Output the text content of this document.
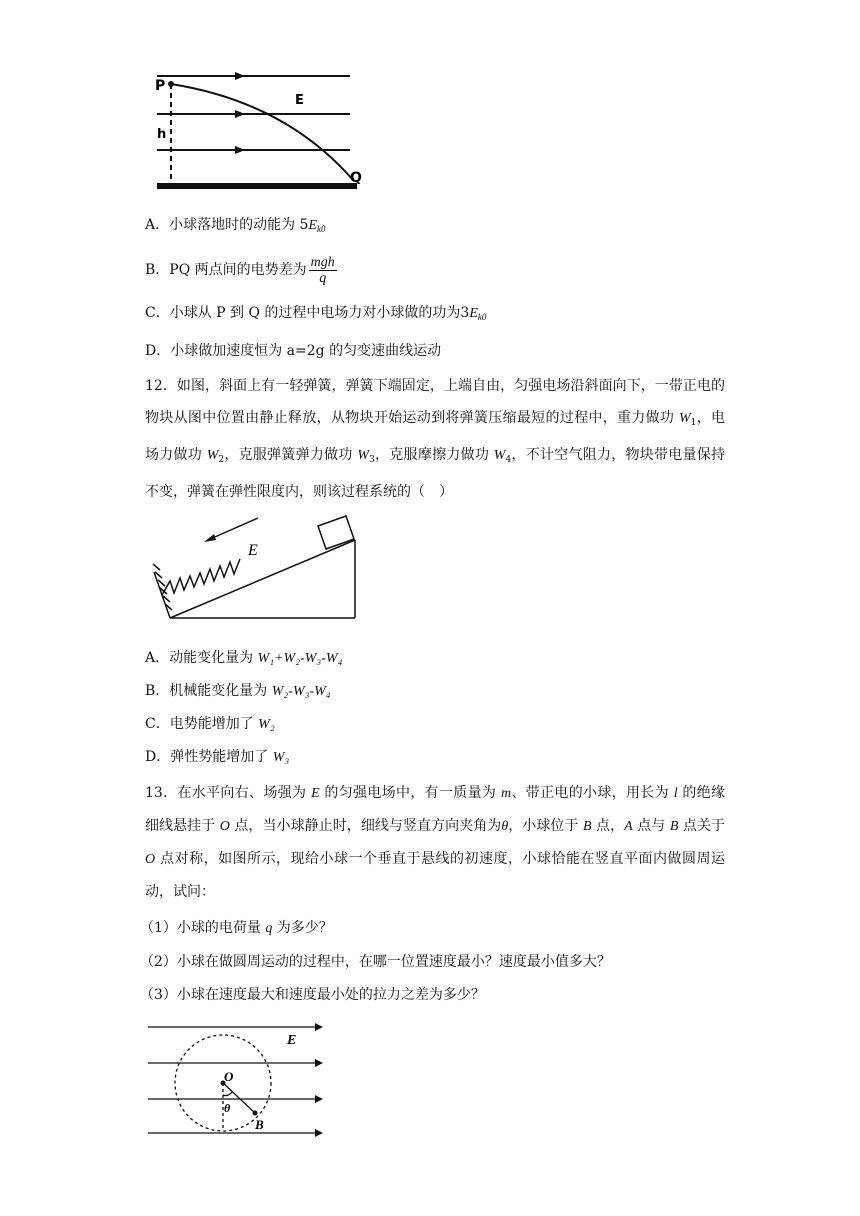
P
E
h
Q
A．小球落地时的动能为 $5E_{k0}$
B．PQ 两点间的电势差为 $\frac{\text{mgh}}{q}$
C．小球从 P 到 Q 的过程中电场力对小球做的功为$3E_{k0}$
D．小球做加速度恒为 a=2g 的匀变速曲线运动
12．如图，斜面上有一轻弹簧，弹簧下端固定，上端自由，匀强电场沿斜面向下，一带正电的物块从图中位置由静止释放，从物块开始运动到将弹簧压缩最短的过程中，重力做功 $W_1$，电场力做功 $W_2$，克服弹簧弹力做功 $W_3$，克服摩擦力做功 $W_4$，不计空气阻力，物块带电量保持不变，弹簧在弹性限度内，则该过程系统的（　）
E
A．动能变化量为 W₁+W₂-W₃-W₄
B．机械能变化量为 W₂-W₃-W₄
C．电势能增加了 W₂
D．弹性势能增加了 W₃
13．在水平向右、场强为 E 的匀强电场中，有一质量为 m、带正电的小球，用长为 l 的绝缘细线悬挂于 O 点，当小球静止时，细线与竖直方向夹角为θ，小球位于 B 点，A 点与 B 点关于 O 点对称，如图所示，现给小球一个垂直于悬线的初速度，小球恰能在竖直平面内做圆周运动，试问：
（1）小球的电荷量 q 为多少？
（2）小球在做圆周运动的过程中，在哪一位置速度最小？速度最小值多大？
（3）小球在速度最大和速度最小处的拉力之差为多少？
E
O
θ
B
